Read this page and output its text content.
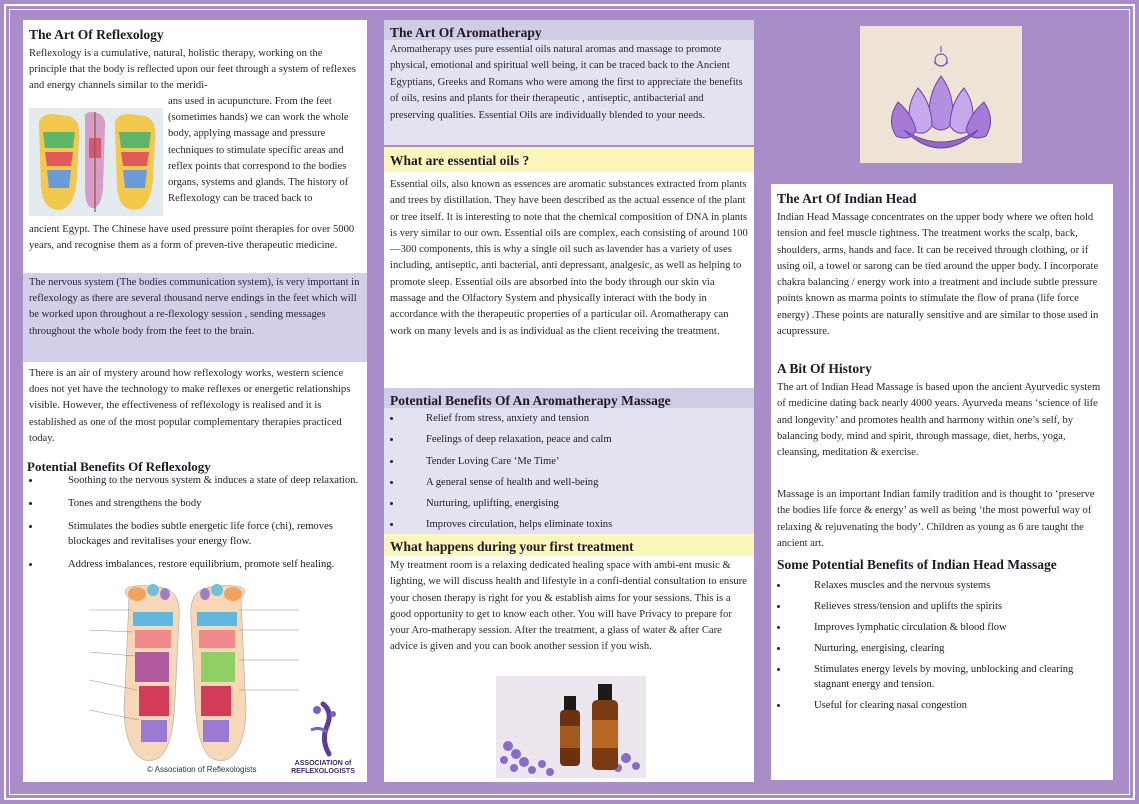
The Art Of Reflexology
Reflexology is a cumulative, natural, holistic therapy, working on the principle that the body is reflected upon our feet through a system of reflexes and energy channels similar to the meridi-
ans used in acupuncture. From the feet (sometimes hands) we can work the whole body, applying massage and pressure techniques to stimulate specific areas and reflex points that correspond to the bodies organs, systems and glands. The history of Reflexology can be traced back to
ancient Egypt. The Chinese have used pressure point therapies for over 5000 years, and recognise them as a form of preven-tive therapeutic medicine.
The nervous system (The bodies communication system), is very important in reflexology as there are several thousand nerve endings in the feet which will be worked upon throughout a re-flexology session , sending messages throughout the whole body from the feet to the brain.
There is an air of mystery around how reflexology works, western science does not yet have the technology to make reflexes or energetic relationships visible. However, the effectiveness of reflexology is realised and it is established as one of the most popular complementary therapies practiced today.
Potential Benefits Of Reflexology
Soothing to the nervous system & induces a state of deep relaxation.
Tones and strengthens the body
Stimulates the bodies subtle energetic life force (chi), removes blockages and revitalises your energy flow.
Address imbalances, restore equilibrium, promote self healing.
ASSOCIATION of REFLEXOLOGISTS
© Association of Reflexologists
The Art Of Aromatherapy
Aromatherapy uses pure essential oils natural aromas and massage to promote physical, emotional and spiritual well being, it can be traced back to the Ancient Egyptians, Greeks and Romans who were among the first to appreciate the benefits of oils, resins and plants for their therapeutic , antiseptic, antibacterial and preserving qualities. Essential Oils are individually blended to your needs.
What are essential oils ?
Essential oils, also known as essences are aromatic substances extracted from plants and trees by distillation. They have been described as the actual essence of the plant or tree itself. It is interesting to note that the chemical composition of DNA in plants is very similar to our own. Essential oils are complex, each consisting of around 100—300 components, this is why a single oil such as lavender has a variety of uses including, antiseptic, anti bacterial, anti depressant, analgesic, as well as helping to promote sleep. Essential oils are absorbed into the body through our skin via massage and the Olfactory System and physically interact with the body in accordance with the therapeutic properties of a particular oil. Aromatherapy can work on many levels and is as individual as the client receiving the treatment.
Potential Benefits Of An Aromatherapy Massage
Relief from stress, anxiety and tension
Feelings of deep relaxation, peace and calm
Tender Loving Care ‘Me Time’
A general sense of health and well-being
Nurturing, uplifting, energising
Improves circulation, helps eliminate toxins
What happens during your first treatment
My treatment room is a relaxing dedicated healing space with ambi-ent music & lighting, we will discuss health and lifestyle in a confi-dential consultation to ensure your chosen therapy is right for you & establish aims for your sessions. This is a good opportunity to get to know each other. You will have Privacy to prepare for your Aro-matherapy session. After the treatment, a glass of water & after Care advice is given and you can book another session if you wish.
The Art Of Indian Head
Indian Head Massage concentrates on the upper body where we often hold tension and feel muscle tightness. The treatment works the scalp, back, shoulders, arms, hands and face. It can be received through clothing, or if using oil, a towel or sarong can be tied around the upper body. I incorporate chakra balancing / energy work into a treatment and include subtle pressure points known as marma points to stimulate the flow of prana (life force energy) .These points are naturally sensitive and are similar to those used in acupressure.
A Bit Of History
The art of Indian Head Massage is based upon the ancient Ayurvedic system of medicine dating back nearly 4000 years. Ayurveda means ‘science of life and longevity’ and promotes health and harmony within one’s self, by balancing body, mind and spirit, through massage, diet, herbs, yoga, cleansing, meditation & exercise.
Massage is an important Indian family tradition and is thought to ‘preserve the bodies life force & energy’ as well as being ‘the most powerful way of relaxing & rejuvenating the body’. Children as young as 6 are taught the ancient art.
Some Potential Benefits of Indian Head Massage
Relaxes muscles and the nervous systems
Relieves stress/tension and uplifts the spirits
Improves lymphatic circulation & blood flow
Nurturing, energising, clearing
Stimulates energy levels by moving, unblocking and clearing stagnant energy and tension.
Useful for clearing nasal congestion
